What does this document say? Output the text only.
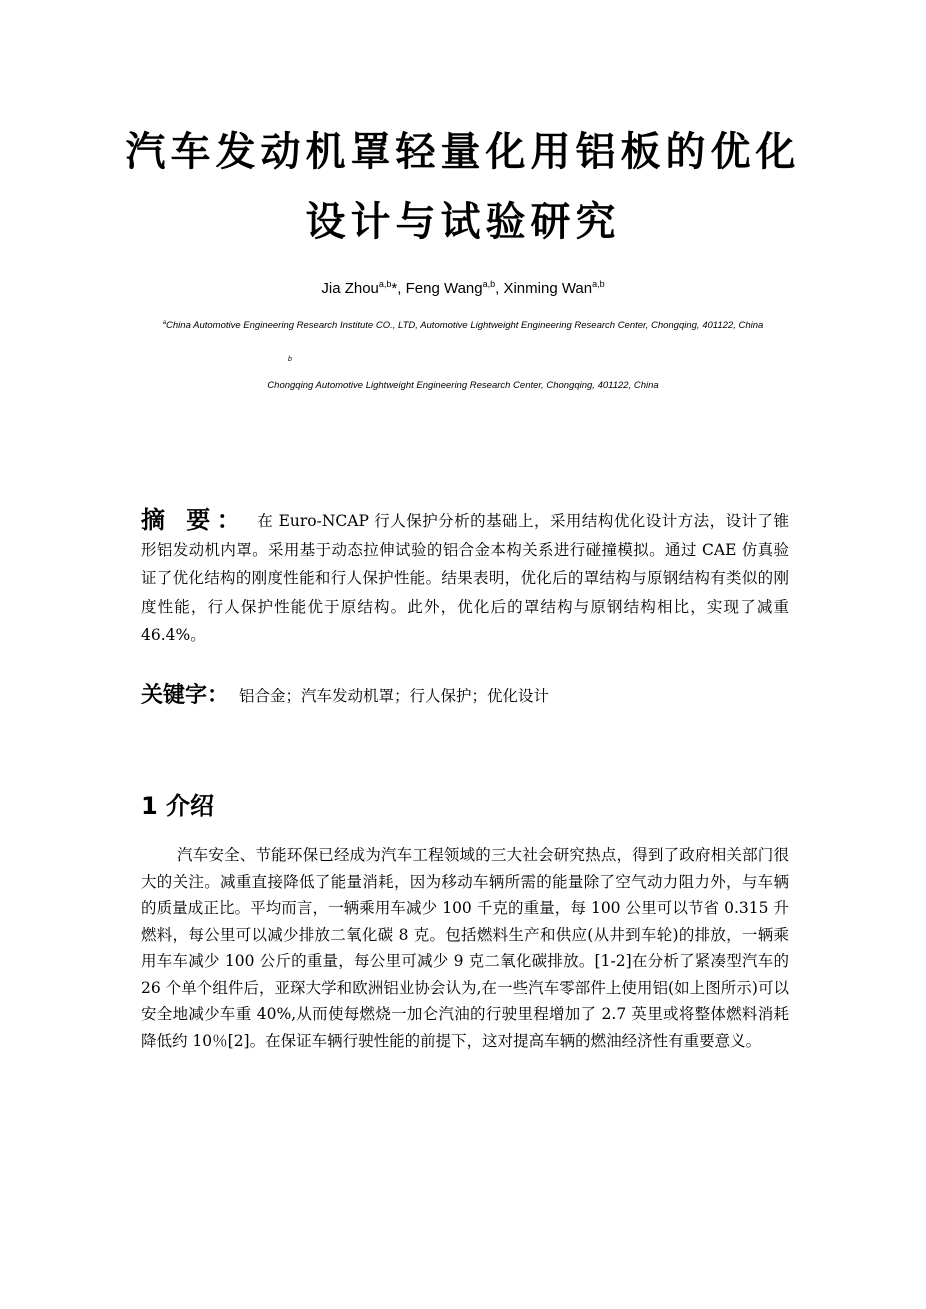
汽车发动机罩轻量化用铝板的优化
设计与试验研究
Jia Zhou$^{a,b}$*, Feng Wang$^{a,b}$, Xinming Wan$^{a,b}$
$^a$China Automotive Engineering Research Institute CO., LTD, Automotive Lightweight Engineering Research Center, Chongqing, 401122, China
b
Chongqing Automotive Lightweight Engineering Research Center, Chongqing, 401122, China
摘 要： 在 Euro-NCAP 行人保护分析的基础上，采用结构优化设计方法，设计了锥形铝发动机内罩。采用基于动态拉伸试验的铝合金本构关系进行碰撞模拟。通过 CAE 仿真验证了优化结构的刚度性能和行人保护性能。结果表明，优化后的罩结构与原钢结构有类似的刚度性能，行人保护性能优于原结构。此外，优化后的罩结构与原钢结构相比，实现了减重 46.4%。
关键字： 铝合金；汽车发动机罩；行人保护；优化设计
1 介绍

汽车安全、节能环保已经成为汽车工程领域的三大社会研究热点，得到了政府相关部门很大的关注。减重直接降低了能量消耗，因为移动车辆所需的能量除了空气动力阻力外，与车辆的质量成正比。平均而言，一辆乘用车减少 100 千克的重量，每 100 公里可以节省 0.315 升燃料，每公里可以减少排放二氧化碳 8 克。包括燃料生产和供应(从井到车轮)的排放，一辆乘用车车减少 100 公斤的重量，每公里可减少 9 克二氧化碳排放。[1-2]在分析了紧凑型汽车的 26 个单个组件后，亚琛大学和欧洲铝业协会认为,在一些汽车零部件上使用铝(如上图所示)可以安全地减少车重 40%,从而使每燃烧一加仑汽油的行驶里程增加了 2.7 英里或将整体燃料消耗降低约 10％[2]。在保证车辆行驶性能的前提下，这对提高车辆的燃油经济性有重要意义。
